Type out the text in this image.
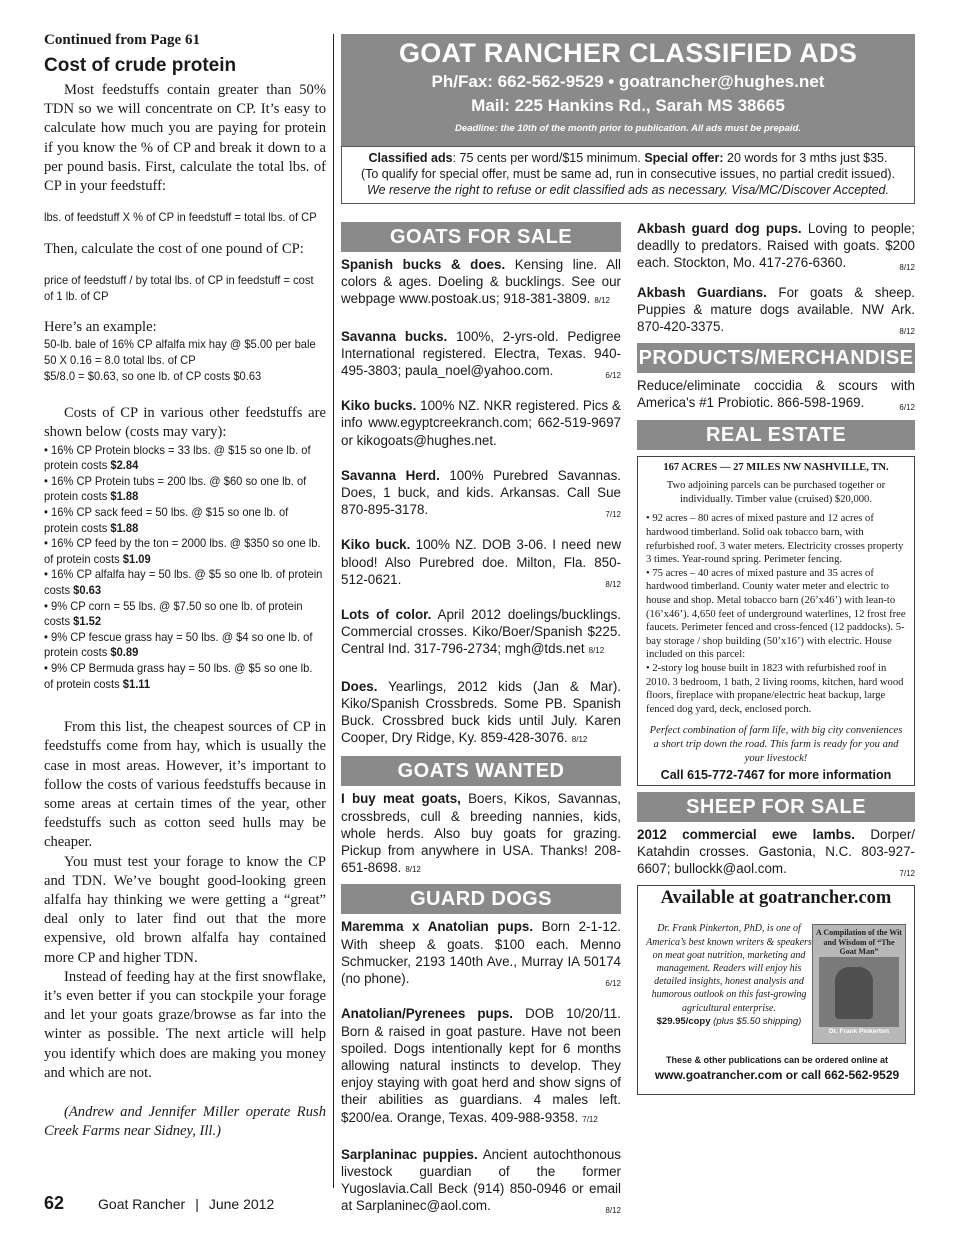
Continued from Page 61
Cost of crude protein

Most feedstuffs contain greater than 50% TDN so we will concentrate on CP. It’s easy to calculate how much you are paying for protein if you know the % of CP and break it down to a per pound basis. First, calculate the total lbs. of CP in your feedstuff:

lbs. of feedstuff X % of CP in feedstuff = total lbs. of CP

Then, calculate the cost of one pound of CP:

price of feedstuff / by total lbs. of CP in feedstuff = cost of 1 lb. of CP

Here’s an example:

50-lb. bale of 16% CP alfalfa mix hay @ $5.00 per bale
50 X 0.16 = 8.0 total lbs. of CP
$5/8.0 = $0.63, so one lb. of CP costs $0.63

Costs of CP in various other feedstuffs are shown below (costs may vary):

• 16% CP Protein blocks = 33 lbs. @ $15 so one lb. of protein costs $2.84
• 16% CP Protein tubs = 200 lbs. @ $60 so one lb. of protein costs $1.88
• 16% CP sack feed = 50 lbs. @ $15 so one lb. of protein costs $1.88
• 16% CP feed by the ton = 2000 lbs. @ $350 so one lb. of protein costs $1.09
• 16% CP alfalfa hay = 50 lbs. @ $5 so one lb. of protein costs $0.63
• 9% CP corn = 55 lbs. @ $7.50 so one lb. of protein costs $1.52
• 9% CP fescue grass hay = 50 lbs. @ $4 so one lb. of protein costs $0.89
• 9% CP Bermuda grass hay = 50 lbs. @ $5 so one lb. of protein costs $1.11

From this list, the cheapest sources of CP in feedstuffs come from hay, which is usually the case in most areas. However, it’s important to follow the costs of various feedstuffs because in some areas at certain times of the year, other feedstuffs such as cotton seed hulls may be cheaper.

You must test your forage to know the CP and TDN. We’ve bought good-looking green alfalfa hay thinking we were getting a “great” deal only to later find out that the more expensive, old brown alfalfa hay contained more CP and higher TDN.

Instead of feeding hay at the first snowflake, it’s even better if you can stockpile your forage and let your goats graze/browse as far into the winter as possible. The next article will help you identify which does are making you money and which are not.

(Andrew and Jennifer Miller operate Rush Creek Farms near Sidney, Ill.)

GOAT RANCHER CLASSIFIED ADS
Ph/Fax: 662-562-9529 • goatrancher@hughes.net
Mail: 225 Hankins Rd., Sarah MS 38665
Deadline: the 10th of the month prior to publication. All ads must be prepaid.
Classified ads: 75 cents per word/$15 minimum. Special offer: 20 words for 3 mths just $35.
(To qualify for special offer, must be same ad, run in consecutive issues, no partial credit issued).
We reserve the right to refuse or edit classified ads as necessary. Visa/MC/Discover Accepted.
GOATS FOR SALE
Spanish bucks & does. Kensing line. All colors & ages. Doeling & bucklings. See our webpage www.postoak.us; 918-381-3809. 8/12
Savanna bucks. 100%, 2-yrs-old. Pedigree International registered. Electra, Texas. 940-495-3803; paula_noel@yahoo.com.	6/12
Kiko bucks. 100% NZ. NKR registered. Pics & info www.egyptcreekranch.com; 662-519-9697 or kikogoats@hughes.net.
Savanna Herd. 100% Purebred Savannas. Does, 1 buck, and kids. Arkansas. Call Sue 870-895-3178.	7/12
Kiko buck. 100% NZ. DOB 3-06. I need new blood! Also Purebred doe. Milton, Fla. 850-512-0621.	8/12
Lots of color. April 2012 doelings/bucklings. Commercial crosses. Kiko/Boer/Spanish $225. Central Ind. 317-796-2734; mgh@tds.net 8/12
Does. Yearlings, 2012 kids (Jan & Mar). Kiko/Spanish Crossbreds. Some PB. Spanish Buck. Crossbred buck kids until July. Karen Cooper, Dry Ridge, Ky. 859-428-3076. 8/12
GOATS WANTED
I buy meat goats, Boers, Kikos, Savannas, crossbreds, cull & breeding nannies, kids, whole herds. Also buy goats for grazing. Pickup from anywhere in USA. Thanks! 208-651-8698. 8/12
GUARD DOGS
Maremma x Anatolian pups. Born 2-1-12. With sheep & goats. $100 each. Menno Schmucker, 2193 140th Ave., Murray IA 50174 (no phone).	6/12
Anatolian/Pyrenees pups. DOB 10/20/11. Born & raised in goat pasture. Have not been spoiled. Dogs intentionally kept for 6 months allowing natural instincts to develop. They enjoy staying with goat herd and show signs of their abilities as guardians. 4 males left. $200/ea. Orange, Texas. 409-988-9358. 7/12
Sarplaninac puppies. Ancient autochthonous livestock guardian of the former Yugoslavia.Call Beck (914) 850-0946 or email at Sarplaninec@aol.com.	8/12
Akbash guard dog pups. Loving to people; deadlly to predators. Raised with goats. $200 each. Stockton, Mo. 417-276-6360.	8/12
Akbash Guardians. For goats & sheep. Puppies & mature dogs available. NW Ark. 870-420-3375.	8/12
PRODUCTS/MERCHANDISE
Reduce/eliminate coccidia & scours with America's #1 Probiotic. 866-598-1969.	6/12
REAL ESTATE
167 ACRES — 27 MILES NW NASHVILLE, TN.
Two adjoining parcels can be purchased together or individually. Timber value (cruised) $20,000.
• 92 acres – 80 acres of mixed pasture and 12 acres of hardwood timberland. Solid oak tobacco barn, with refurbished roof. 3 water meters. Electricity crosses property 3 times. Year-round spring. Perimeter fencing.
• 75 acres – 40 acres of mixed pasture and 35 acres of hardwood timberland. County water meter and electric to house and shop. Metal tobacco barn (26’x46’) with lean-to (16’x46’). 4,650 feet of underground waterlines, 12 frost free faucets. Perimeter fenced and cross-fenced (12 paddocks). 5-bay storage / shop building (50’x16’) with electric. House included on this parcel:
• 2-story log house built in 1823 with refurbished roof in 2010. 3 bedroom, 1 bath, 2 living rooms, kitchen, hard wood floors, fireplace with propane/electric heat backup, large fenced dog yard, deck, enclosed porch.
Perfect combination of farm life, with big city conveniences a short trip down the road. This farm is ready for you and your livestock!
Call 615-772-7467 for more information
SHEEP FOR SALE
2012 commercial ewe lambs. Dorper/ Katahdin crosses. Gastonia, N.C. 803-927-6607; bullockk@aol.com.	7/12
Available at goatrancher.com
Dr. Frank Pinkerton, PhD, is one of America’s best known writers & speakers on meat goat nutrition, marketing and management. Readers will enjoy his detailed insights, honest analysis and humorous outlook on this fast-growing agricultural enterprise.
$29.95/copy (plus $5.50 shipping)
A Compilation of the Wit and Wisdom of “The Goat Man”
Dr. Frank Pinkerton
These & other publications can be ordered online at
www.goatrancher.com or call 662-562-9529
62 Goat Rancher | June 2012
